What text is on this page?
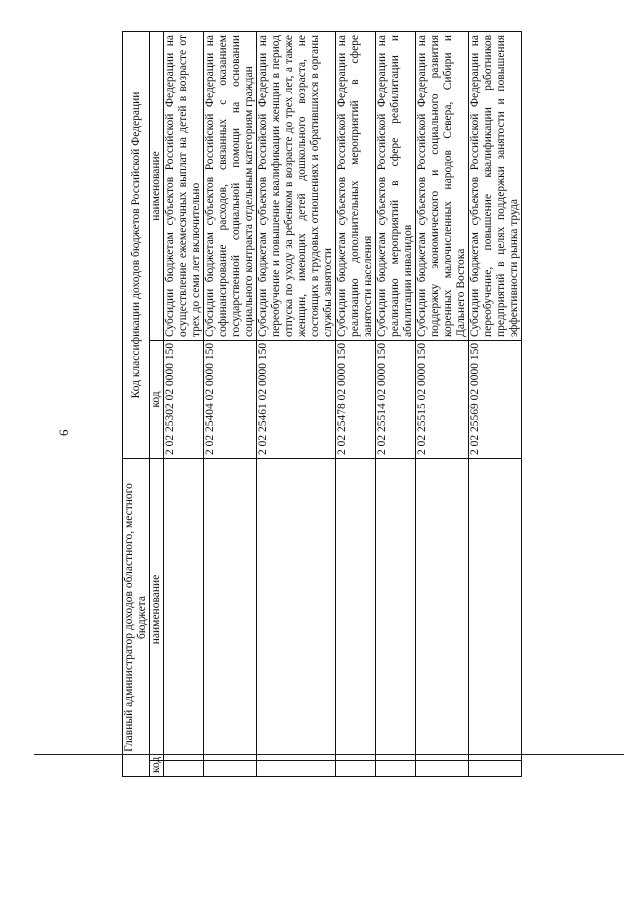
6
Главный администратор доходов областного, местного бюджета		Код классификации доходов бюджетов Российской Федерации	
код	наименование	код	наименование
		2 02 25302 02 0000 150	Субсидии бюджетам субъектов Российской Федерации на осуществление ежемесячных выплат на детей в возрасте от трех до семи лет включительно
		2 02 25404 02 0000 150	Субсидии бюджетам субъектов Российской Федерации на софинансирование расходов, связанных с оказанием государственной социальной помощи на основании социального контракта отдельным категориям граждан
		2 02 25461 02 0000 150	Субсидии бюджетам субъектов Российской Федерации на переобучение и повышение квалификации женщин в период отпуска по уходу за ребенком в возрасте до трех лет, а также женщин, имеющих детей дошкольного возраста, не состоящих в трудовых отношениях и обратившихся в органы службы занятости
		2 02 25478 02 0000 150	Субсидии бюджетам субъектов Российской Федерации на реализацию дополнительных мероприятий в сфере занятости населения
		2 02 25514 02 0000 150	Субсидии бюджетам субъектов Российской Федерации на реализацию мероприятий в сфере реабилитации и абилитации инвалидов
		2 02 25515 02 0000 150	Субсидии бюджетам субъектов Российской Федерации на поддержку экономического и социального развития коренных малочисленных народов Севера, Сибири и Дальнего Востока
		2 02 25569 02 0000 150	Субсидии бюджетам субъектов Российской Федерации на переобучение, повышение квалификации работников предприятий в целях поддержки занятости и повышения эффективности рынка труда
